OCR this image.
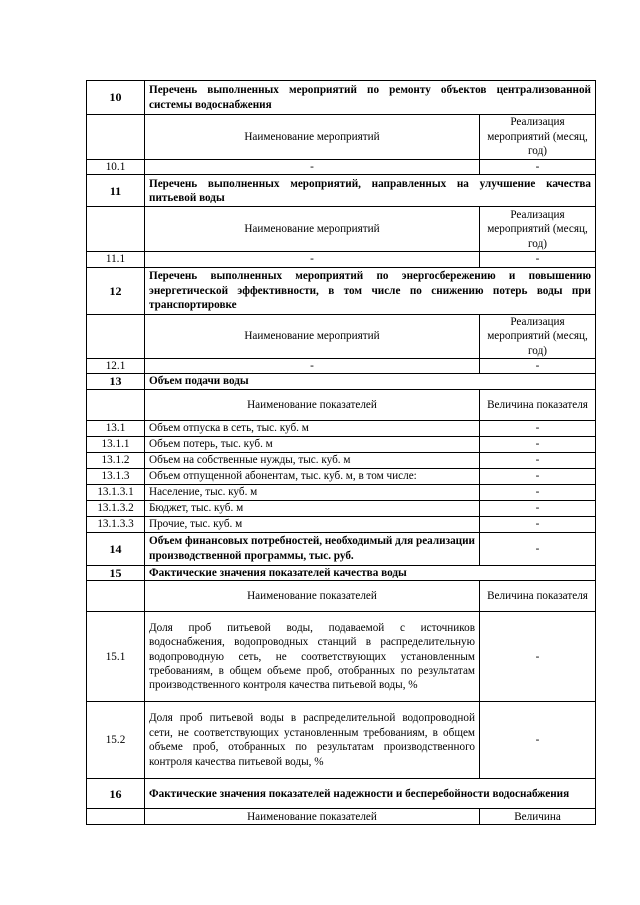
10	Перечень выполненных мероприятий по ремонту объектов централизованной системы водоснабжения	
	Наименование мероприятий	Реализация мероприятий (месяц, год)
10.1	-	-
11	Перечень выполненных мероприятий, направленных на улучшение качества питьевой воды	
	Наименование мероприятий	Реализация мероприятий (месяц, год)
11.1	-	-
12	Перечень выполненных мероприятий по энергосбережению и повышению энергетической эффективности, в том числе по снижению потерь воды при транспортировке	
	Наименование мероприятий	Реализация мероприятий (месяц, год)
12.1	-	-
13	Объем подачи воды	
	Наименование показателей	Величина показателя
13.1	Объем отпуска в сеть, тыс. куб. м	-
13.1.1	Объем потерь, тыс. куб. м	-
13.1.2	Объем на собственные нужды, тыс. куб. м	-
13.1.3	Объем отпущенной абонентам, тыс. куб. м, в том числе:	-
13.1.3.1	Население, тыс. куб. м	-
13.1.3.2	Бюджет, тыс. куб. м	-
13.1.3.3	Прочие, тыс. куб. м	-
14	Объем финансовых потребностей, необходимый для реализации производственной программы, тыс. руб.	-
15	Фактические значения показателей качества воды	
	Наименование показателей	Величина показателя
15.1	Доля проб питьевой воды, подаваемой с источников водоснабжения, водопроводных станций в распределительную водопроводную сеть, не соответствующих установленным требованиям, в общем объеме проб, отобранных по результатам производственного контроля качества питьевой воды, %	-
15.2	Доля проб питьевой воды в распределительной водопроводной сети, не соответствующих установленным требованиям, в общем объеме проб, отобранных по результатам производственного контроля качества питьевой воды, %	-
16	Фактические значения показателей надежности и бесперебойности водоснабжения	
	Наименование показателей	Величина
